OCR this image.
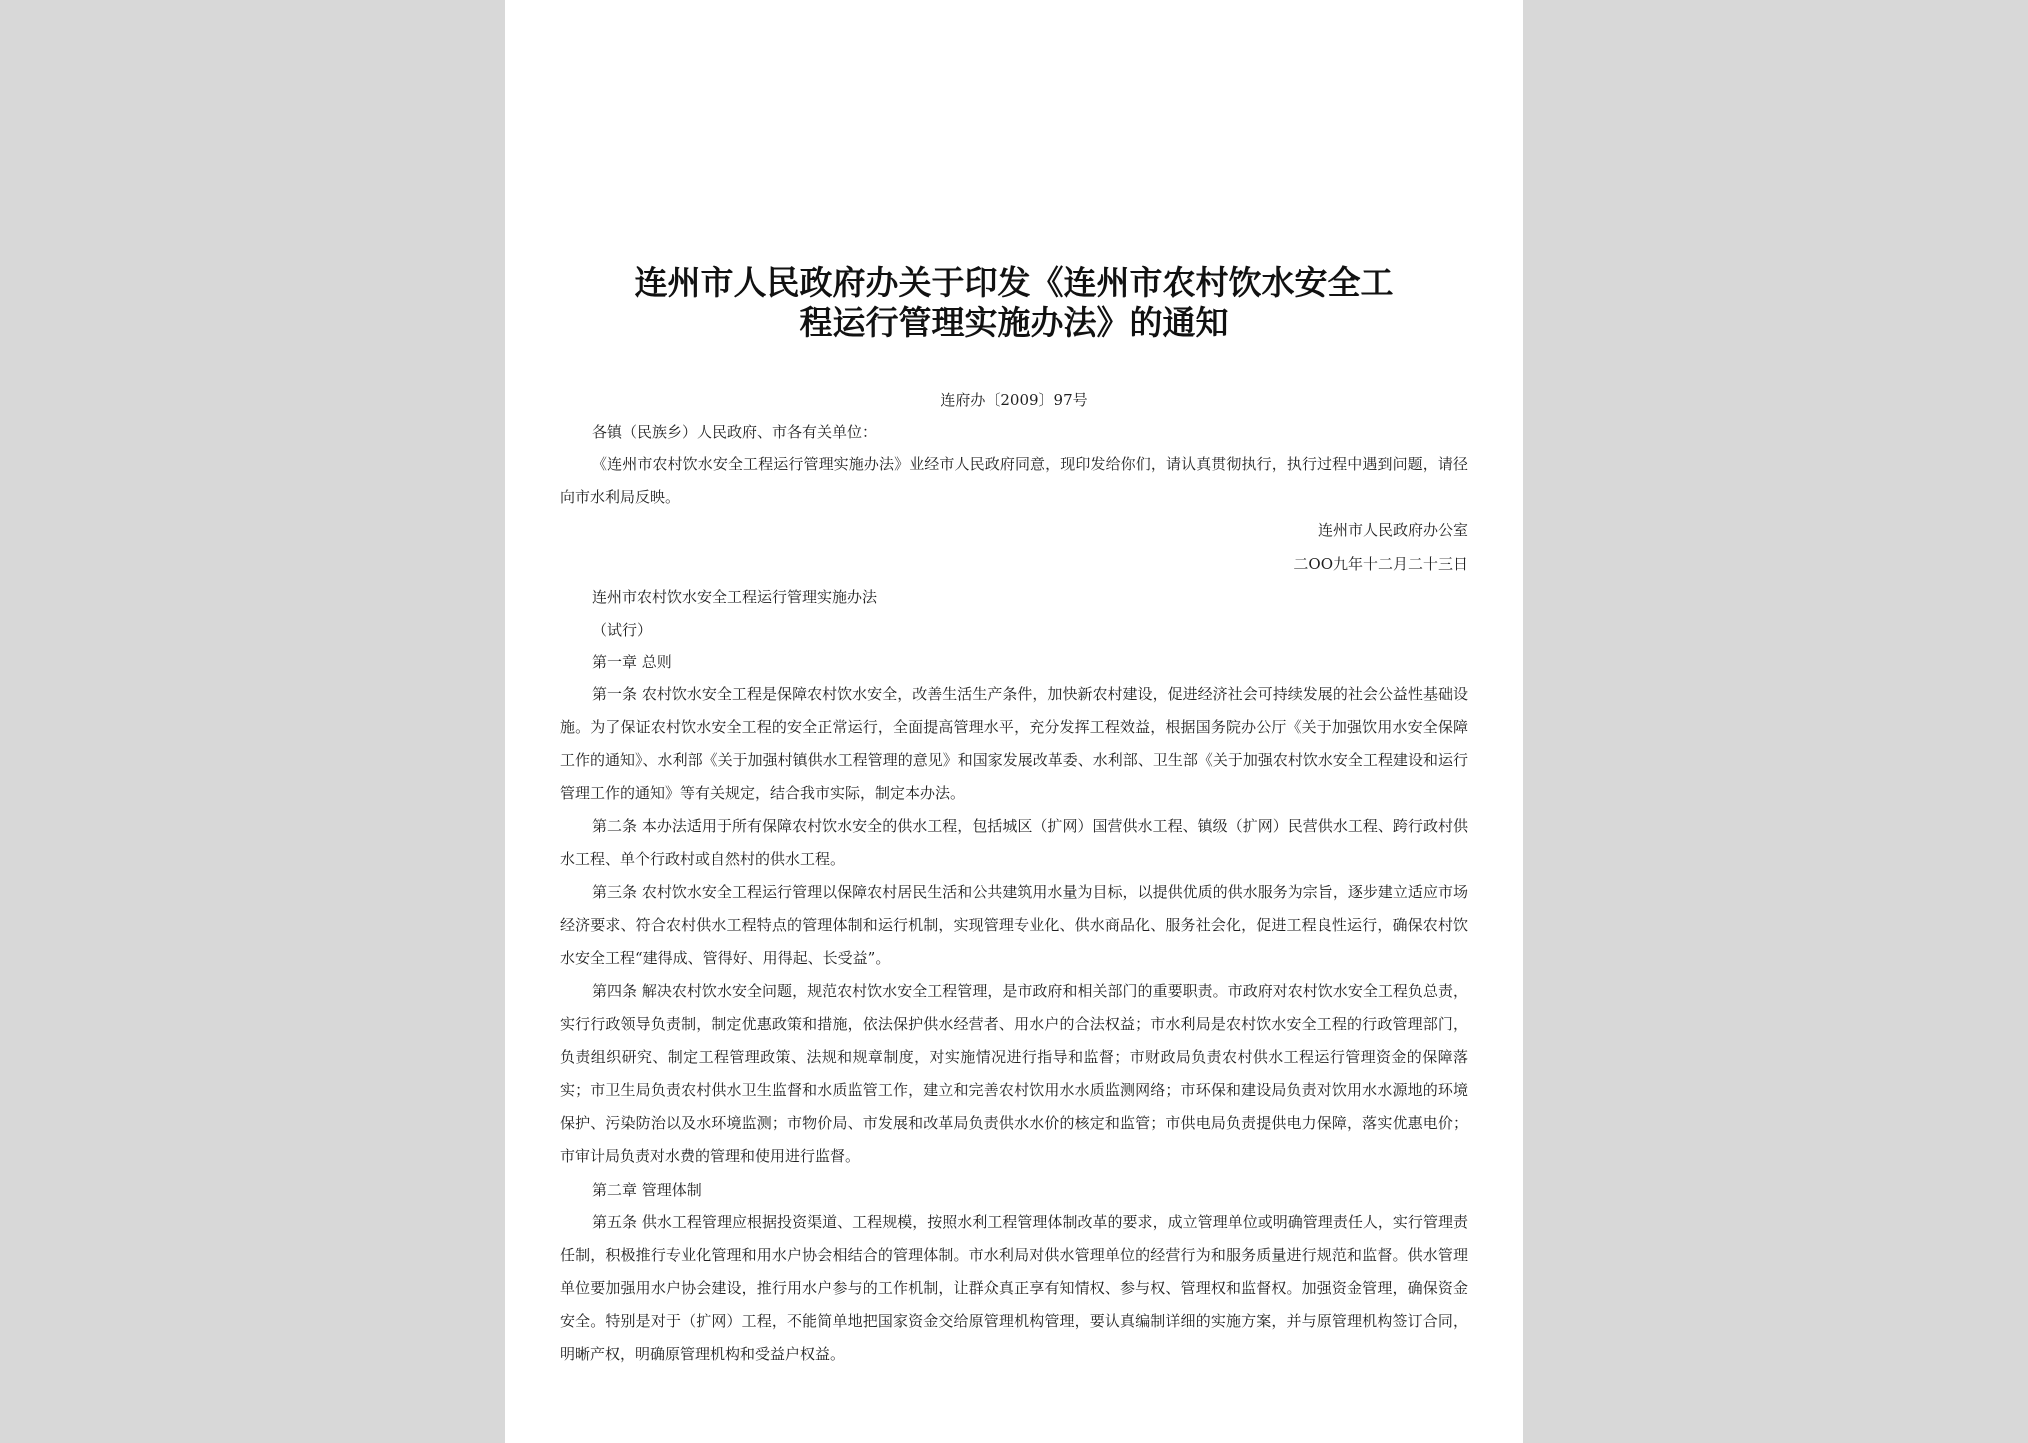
连州市人民政府办关于印发《连州市农村饮水安全工
程运行管理实施办法》的通知
连府办〔2009〕97号
各镇（民族乡）人民政府、市各有关单位：

《连州市农村饮水安全工程运行管理实施办法》业经市人民政府同意，现印发给你们，请认真贯彻执行，执行过程中遇到问题，请径向市水利局反映。

连州市人民政府办公室
二OO九年十二月二十三日
连州市农村饮水安全工程运行管理实施办法
（试行）
第一章 总则

第一条 农村饮水安全工程是保障农村饮水安全，改善生活生产条件，加快新农村建设，促进经济社会可持续发展的社会公益性基础设施。为了保证农村饮水安全工程的安全正常运行，全面提高管理水平，充分发挥工程效益，根据国务院办公厅《关于加强饮用水安全保障工作的通知》、水利部《关于加强村镇供水工程管理的意见》和国家发展改革委、水利部、卫生部《关于加强农村饮水安全工程建设和运行管理工作的通知》等有关规定，结合我市实际，制定本办法。

第二条 本办法适用于所有保障农村饮水安全的供水工程，包括城区（扩网）国营供水工程、镇级（扩网）民营供水工程、跨行政村供水工程、单个行政村或自然村的供水工程。

第三条 农村饮水安全工程运行管理以保障农村居民生活和公共建筑用水量为目标，以提供优质的供水服务为宗旨，逐步建立适应市场经济要求、符合农村供水工程特点的管理体制和运行机制，实现管理专业化、供水商品化、服务社会化，促进工程良性运行，确保农村饮水安全工程“建得成、管得好、用得起、长受益”。

第四条 解决农村饮水安全问题，规范农村饮水安全工程管理，是市政府和相关部门的重要职责。市政府对农村饮水安全工程负总责，实行行政领导负责制，制定优惠政策和措施，依法保护供水经营者、用水户的合法权益；市水利局是农村饮水安全工程的行政管理部门，负责组织研究、制定工程管理政策、法规和规章制度，对实施情况进行指导和监督；市财政局负责农村供水工程运行管理资金的保障落实；市卫生局负责农村供水卫生监督和水质监管工作，建立和完善农村饮用水水质监测网络；市环保和建设局负责对饮用水水源地的环境保护、污染防治以及水环境监测；市物价局、市发展和改革局负责供水水价的核定和监管；市供电局负责提供电力保障，落实优惠电价；市审计局负责对水费的管理和使用进行监督。

第二章 管理体制

第五条 供水工程管理应根据投资渠道、工程规模，按照水利工程管理体制改革的要求，成立管理单位或明确管理责任人，实行管理责任制，积极推行专业化管理和用水户协会相结合的管理体制。市水利局对供水管理单位的经营行为和服务质量进行规范和监督。供水管理单位要加强用水户协会建设，推行用水户参与的工作机制，让群众真正享有知情权、参与权、管理权和监督权。加强资金管理，确保资金安全。特别是对于（扩网）工程，不能简单地把国家资金交给原管理机构管理，要认真编制详细的实施方案，并与原管理机构签订合同，明晰产权，明确原管理机构和受益户权益。
